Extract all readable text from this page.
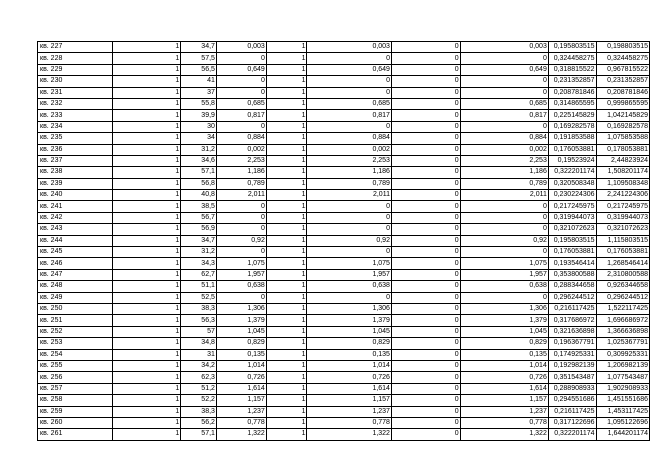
кв. 227	1	34,7	0,003	1	0,003	0	0,003	0,195803515	0,198803515
кв. 228	1	57,5	0	1	0	0	0	0,324458275	0,324458275
кв. 229	1	56,5	0,649	1	0,649	0	0,649	0,318815522	0,967815522
кв. 230	1	41	0	1	0	0	0	0,231352857	0,231352857
кв. 231	1	37	0	1	0	0	0	0,208781846	0,208781846
кв. 232	1	55,8	0,685	1	0,685	0	0,685	0,314865595	0,999865595
кв. 233	1	39,9	0,817	1	0,817	0	0,817	0,225145829	1,042145829
кв. 234	1	30	0	1	0	0	0	0,169282578	0,169282578
кв. 235	1	34	0,884	1	0,884	0	0,884	0,191853588	1,075853588
кв. 236	1	31,2	0,002	1	0,002	0	0,002	0,176053881	0,178053881
кв. 237	1	34,6	2,253	1	2,253	0	2,253	0,19523924	2,44823924
кв. 238	1	57,1	1,186	1	1,186	0	1,186	0,322201174	1,508201174
кв. 239	1	56,8	0,789	1	0,789	0	0,789	0,320508348	1,109508348
кв. 240	1	40,8	2,011	1	2,011	0	2,011	0,230224306	2,241224306
кв. 241	1	38,5	0	1	0	0	0	0,217245975	0,217245975
кв. 242	1	56,7	0	1	0	0	0	0,319944073	0,319944073
кв. 243	1	56,9	0	1	0	0	0	0,321072623	0,321072623
кв. 244	1	34,7	0,92	1	0,92	0	0,92	0,195803515	1,115803515
кв. 245	1	31,2	0	1	0	0	0	0,176053881	0,176053881
кв. 246	1	34,3	1,075	1	1,075	0	1,075	0,193546414	1,268546414
кв. 247	1	62,7	1,957	1	1,957	0	1,957	0,353800588	2,310800588
кв. 248	1	51,1	0,638	1	0,638	0	0,638	0,288344658	0,926344658
кв. 249	1	52,5	0	1	0	0	0	0,296244512	0,296244512
кв. 250	1	38,3	1,306	1	1,306	0	1,306	0,216117425	1,522117425
кв. 251	1	56,3	1,379	1	1,379	0	1,379	0,317686972	1,696686972
кв. 252	1	57	1,045	1	1,045	0	1,045	0,321636898	1,366636898
кв. 253	1	34,8	0,829	1	0,829	0	0,829	0,196367791	1,025367791
кв. 254	1	31	0,135	1	0,135	0	0,135	0,174925331	0,309925331
кв. 255	1	34,2	1,014	1	1,014	0	1,014	0,192982139	1,206982139
кв. 256	1	62,3	0,726	1	0,726	0	0,726	0,351543487	1,077543487
кв. 257	1	51,2	1,614	1	1,614	0	1,614	0,288908933	1,902908933
кв. 258	1	52,2	1,157	1	1,157	0	1,157	0,294551686	1,451551686
кв. 259	1	38,3	1,237	1	1,237	0	1,237	0,216117425	1,453117425
кв. 260	1	56,2	0,778	1	0,778	0	0,778	0,317122696	1,095122696
кв. 261	1	57,1	1,322	1	1,322	0	1,322	0,322201174	1,644201174
